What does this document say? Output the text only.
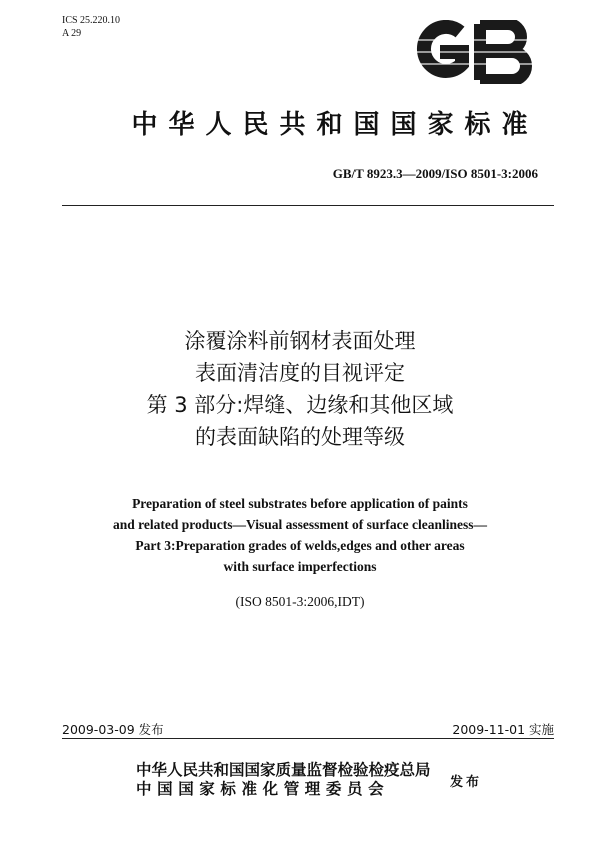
ICS 25.220.10
A 29
中华人民共和国国家标准
GB/T 8923.3—2009/ISO 8501-3:2006
涂覆涂料前钢材表面处理
表面清洁度的目视评定
第 3 部分:焊缝、边缘和其他区域
的表面缺陷的处理等级
Preparation of steel substrates before application of paints
and related products—Visual assessment of surface cleanliness—
Part 3:Preparation grades of welds,edges and other areas
with surface imperfections
(ISO 8501-3:2006,IDT)
2009-03-09 发布	2009-11-01 实施
中华人民共和国国家质量监督检验检疫总局
中国国家标准化管理委员会	发布
